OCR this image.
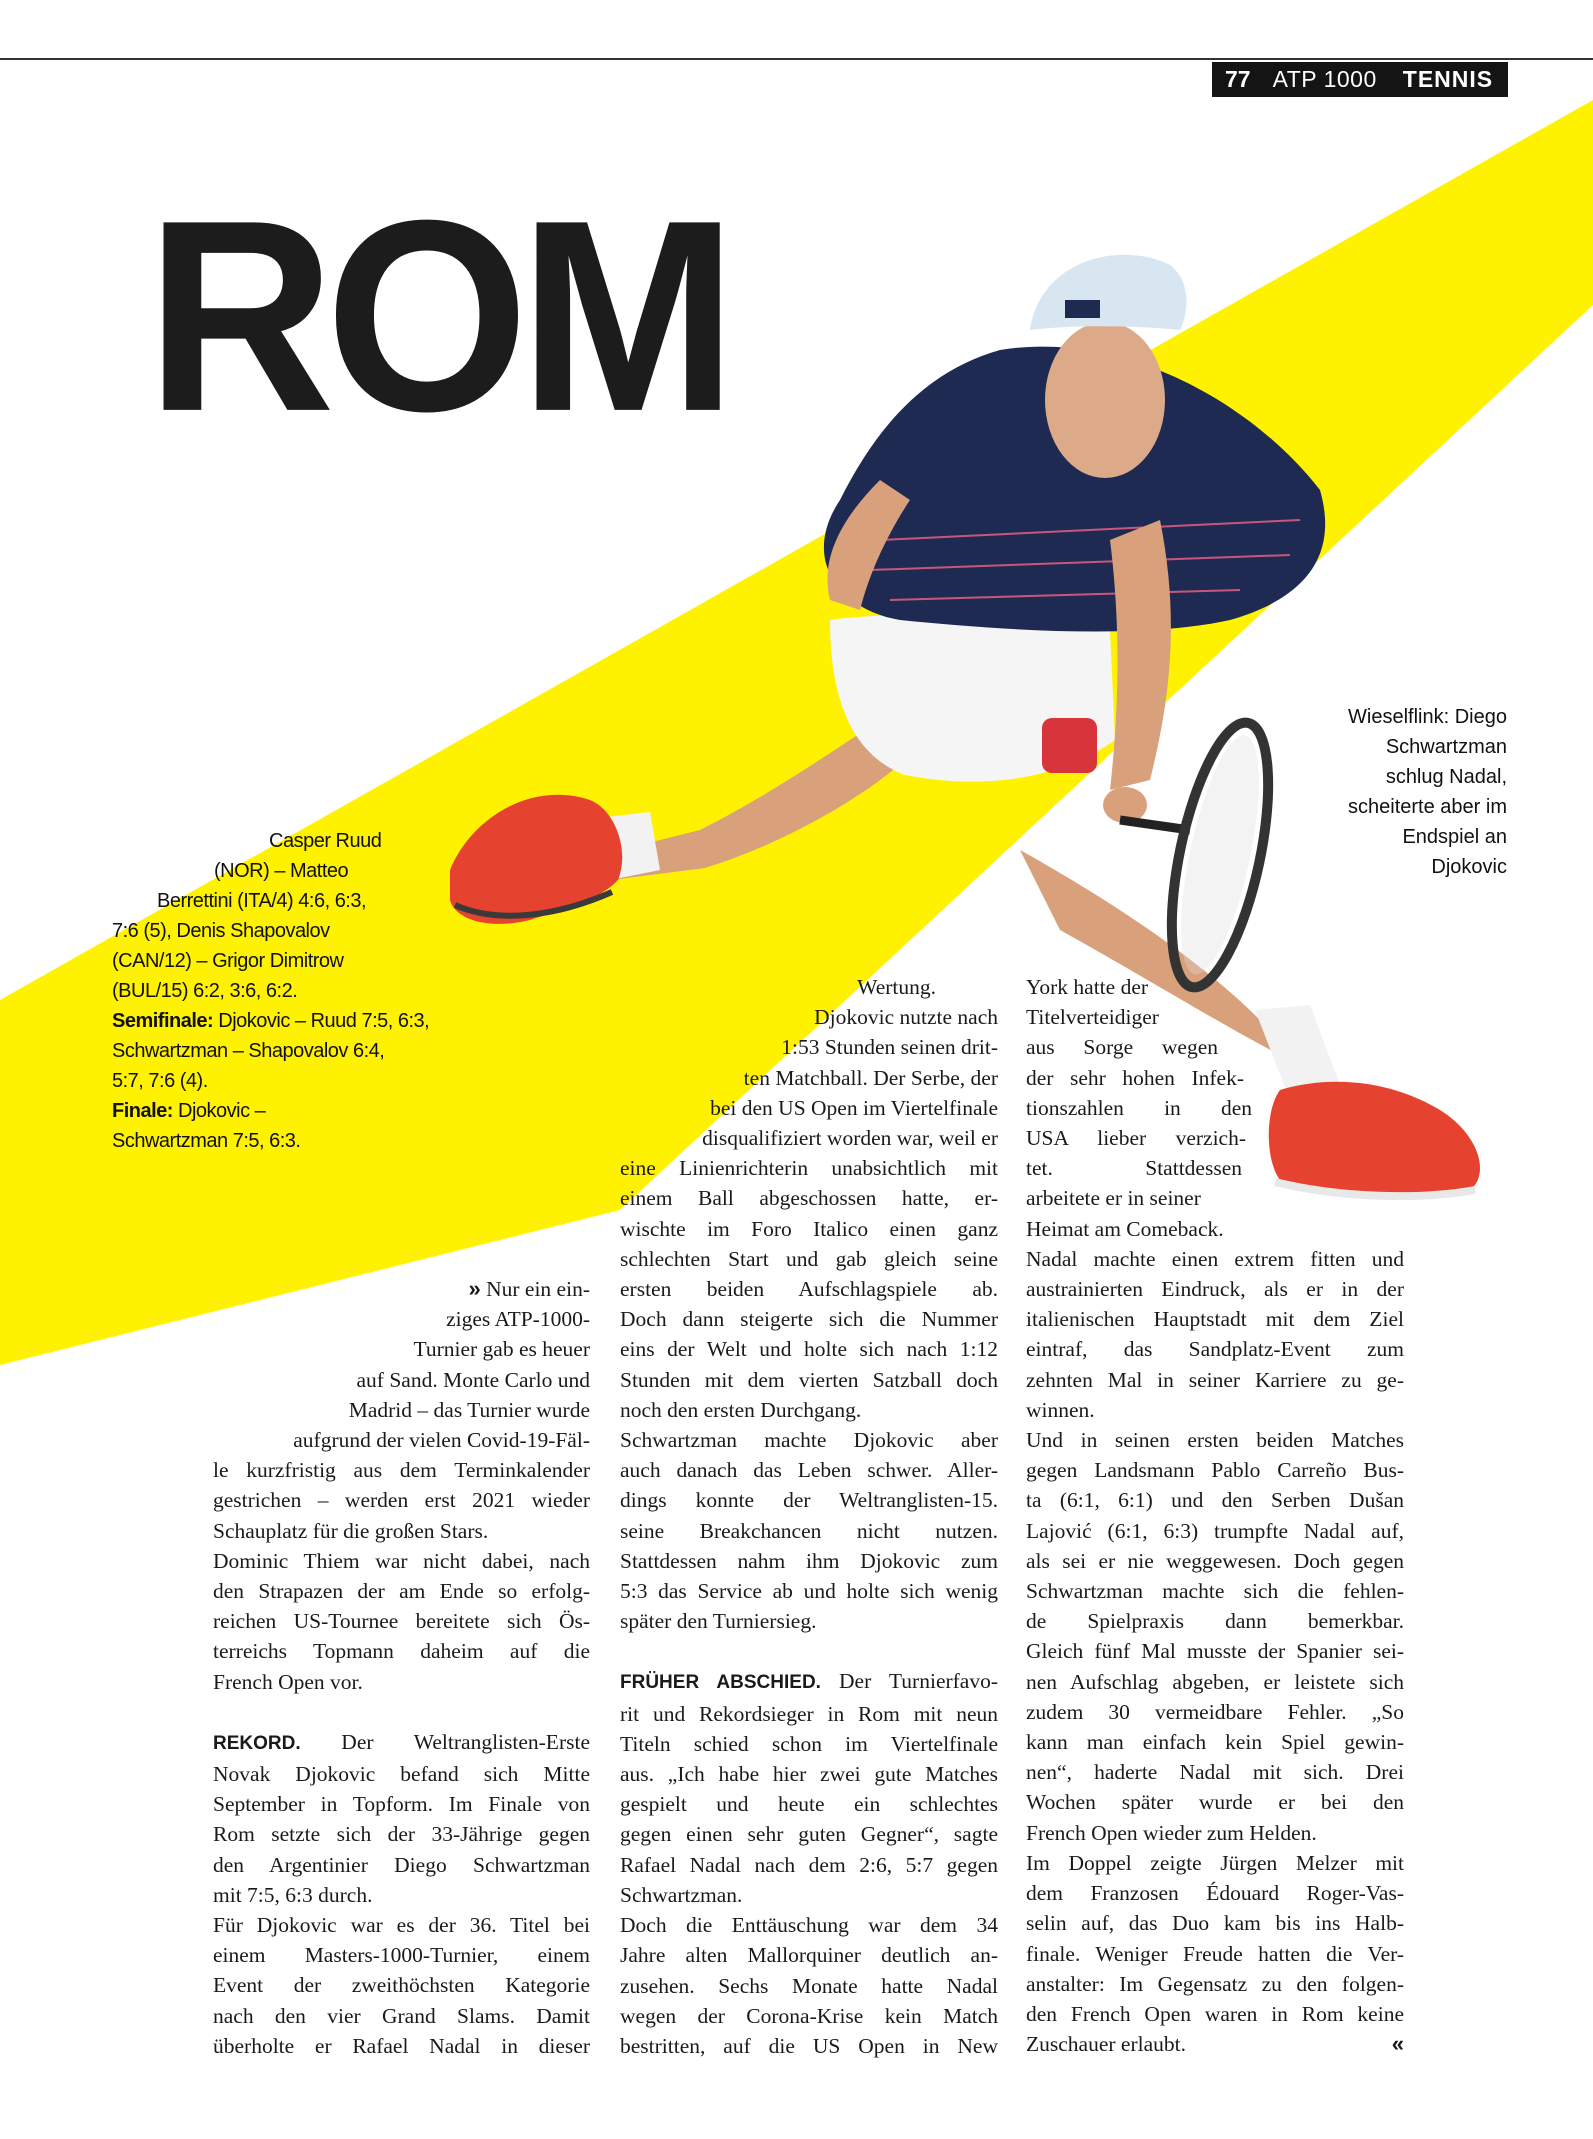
77 ATP 1000 TENNIS
ROM
Wieselflink: Diego
Schwartzman
schlug Nadal,
scheiterte aber im
Endspiel an
Djokovic
Casper Ruud
(NOR) – Matteo
Berrettini (ITA/4) 4:6, 6:3,
7:6 (5), Denis Shapovalov
(CAN/12) – Grigor Dimitrow
(BUL/15) 6:2, 3:6, 6:2.
Semifinale: Djokovic – Ruud 7:5, 6:3,
Schwartzman – Shapovalov 6:4,
5:7, 7:6 (4).
Finale: Djokovic –
Schwartzman 7:5, 6:3.
» Nur ein ein-
ziges ATP-1000-
Turnier gab es heuer
auf Sand. Monte Carlo und
Madrid – das Turnier wurde
aufgrund der vielen Covid-19-Fäl-
le kurzfristig aus dem Terminkalender
gestrichen – werden erst 2021 wieder
Schauplatz für die großen Stars.
Dominic Thiem war nicht dabei, nach
den Strapazen der am Ende so erfolg-
reichen US-Tournee bereitete sich Ös-
terreichs Topmann daheim auf die
French Open vor.
REKORD. Der Weltranglisten-Erste
Novak Djokovic befand sich Mitte
September in Topform. Im Finale von
Rom setzte sich der 33-Jährige gegen
den Argentinier Diego Schwartzman
mit 7:5, 6:3 durch.
Für Djokovic war es der 36. Titel bei
einem Masters-1000-Turnier, einem
Event der zweithöchsten Kategorie
nach den vier Grand Slams. Damit
überholte er Rafael Nadal in dieser
Wertung.
Djokovic nutzte nach
1:53 Stunden seinen drit-
ten Matchball. Der Serbe, der
bei den US Open im Viertelfinale
disqualifiziert worden war, weil er
eine Linienrichterin unabsichtlich mit
einem Ball abgeschossen hatte, er-
wischte im Foro Italico einen ganz
schlechten Start und gab gleich seine
ersten beiden Aufschlagspiele ab.
Doch dann steigerte sich die Nummer
eins der Welt und holte sich nach 1:12
Stunden mit dem vierten Satzball doch
noch den ersten Durchgang.
Schwartzman machte Djokovic aber
auch danach das Leben schwer. Aller-
dings konnte der Weltranglisten-15.
seine Breakchancen nicht nutzen.
Stattdessen nahm ihm Djokovic zum
5:3 das Service ab und holte sich wenig
später den Turniersieg.
FRÜHER ABSCHIED. Der Turnierfavo-
rit und Rekordsieger in Rom mit neun
Titeln schied schon im Viertelfinale
aus. „Ich habe hier zwei gute Matches
gespielt und heute ein schlechtes
gegen einen sehr guten Gegner“, sagte
Rafael Nadal nach dem 2:6, 5:7 gegen
Schwartzman.
Doch die Enttäuschung war dem 34
Jahre alten Mallorquiner deutlich an-
zusehen. Sechs Monate hatte Nadal
wegen der Corona-Krise kein Match
bestritten, auf die US Open in New
York hatte der
Titelverteidiger
aus Sorge wegen
der sehr hohen Infek-
tionszahlen in den
USA lieber verzich-
tet. Stattdessen
arbeitete er in seiner
Heimat am Comeback.
Nadal machte einen extrem fitten und
austrainierten Eindruck, als er in der
italienischen Hauptstadt mit dem Ziel
eintraf, das Sandplatz-Event zum
zehnten Mal in seiner Karriere zu ge-
winnen.
Und in seinen ersten beiden Matches
gegen Landsmann Pablo Carreño Bus-
ta (6:1, 6:1) und den Serben Dušan
Lajović (6:1, 6:3) trumpfte Nadal auf,
als sei er nie weggewesen. Doch gegen
Schwartzman machte sich die fehlen-
de Spielpraxis dann bemerkbar.
Gleich fünf Mal musste der Spanier sei-
nen Aufschlag abgeben, er leistete sich
zudem 30 vermeidbare Fehler. „So
kann man einfach kein Spiel gewin-
nen“, haderte Nadal mit sich. Drei
Wochen später wurde er bei den
French Open wieder zum Helden.
Im Doppel zeigte Jürgen Melzer mit
dem Franzosen Édouard Roger-Vas-
selin auf, das Duo kam bis ins Halb-
finale. Weniger Freude hatten die Ver-
anstalter: Im Gegensatz zu den folgen-
den French Open waren in Rom keine
Zuschauer erlaubt.	«
